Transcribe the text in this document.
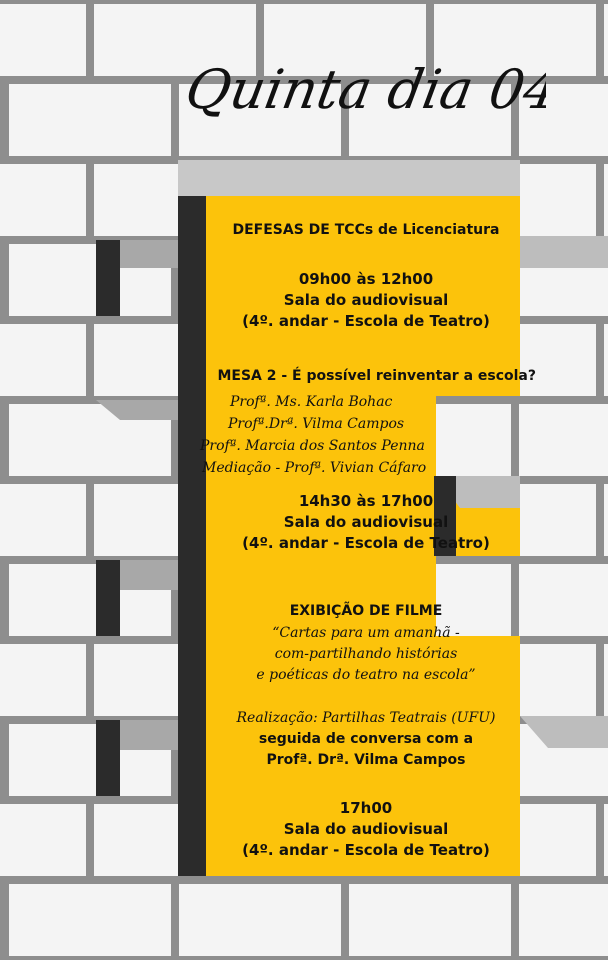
Quinta dia 04
DEFESAS DE TCCs de Licenciatura
09h00 às 12h00
Sala do audiovisual
(4º. andar - Escola de Teatro)
MESA 2 - É possível reinventar a escola?
Profª. Ms. Karla Bohac
Profª.Drª. Vilma Campos
Profª. Marcia dos Santos Penna
Mediação - Profª. Vivian Cáfaro
14h30 às 17h00
Sala do audiovisual
(4º. andar - Escola de Teatro)
EXIBIÇÃO DE FILME
“Cartas para um amanhã -
com-partilhando histórias
e poéticas do teatro na escola”
Realização: Partilhas Teatrais (UFU)
seguida de conversa com a
Profª. Drª. Vilma Campos
17h00
Sala do audiovisual
(4º. andar - Escola de Teatro)
